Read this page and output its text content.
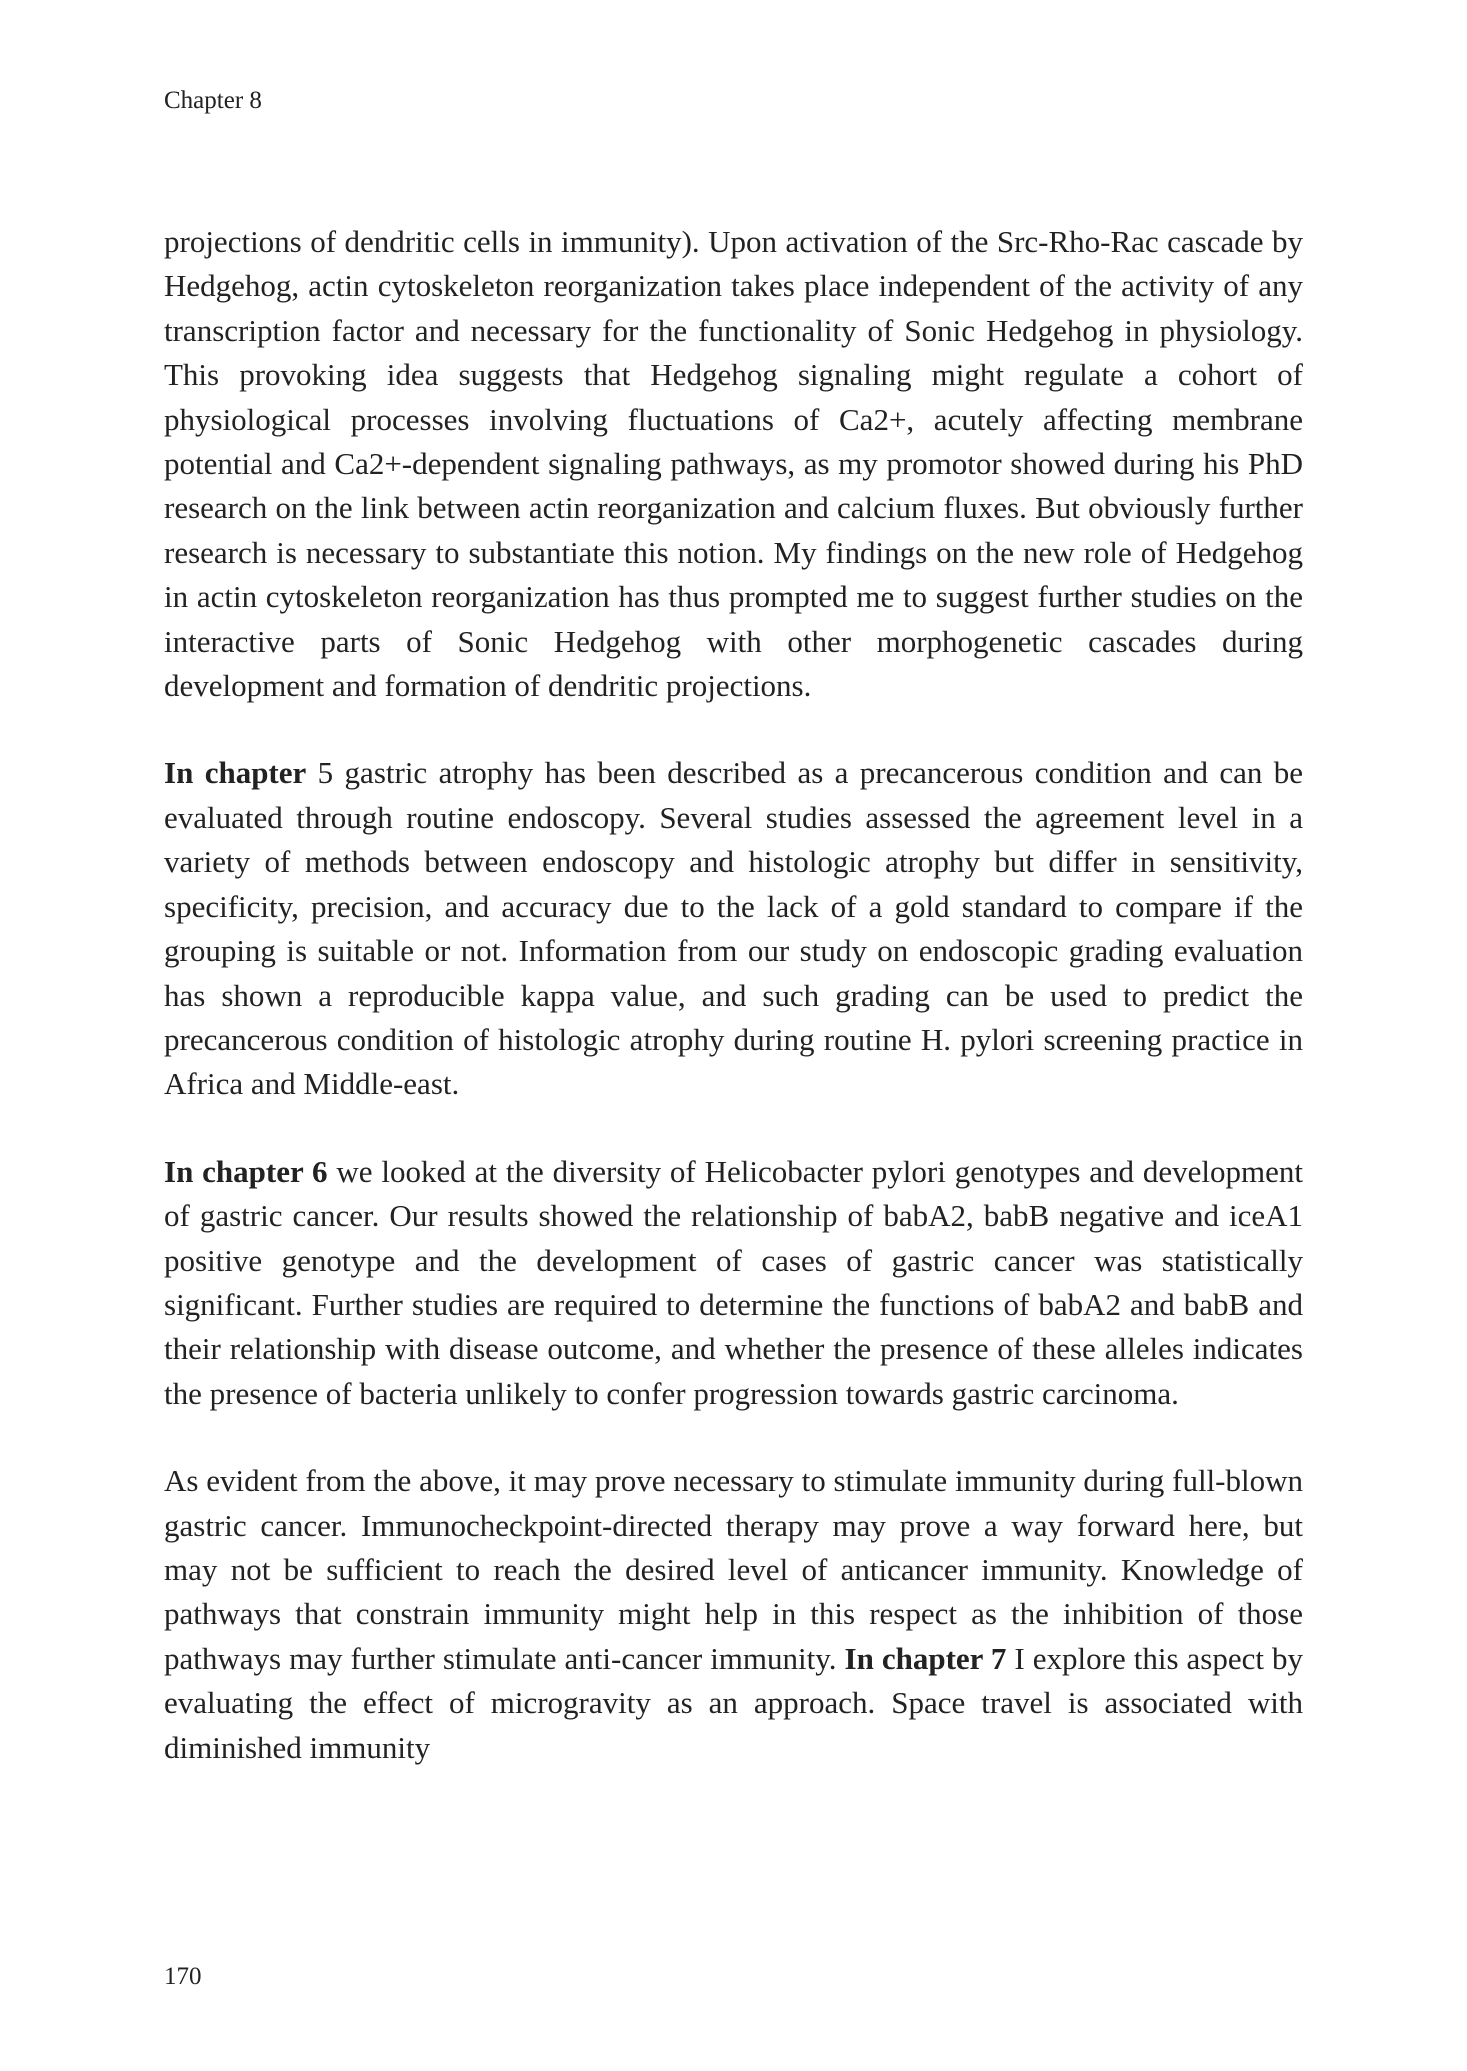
Chapter 8

projections of dendritic cells in immunity). Upon activation of the Src-Rho-Rac cascade by Hedgehog, actin cytoskeleton reorganization takes place independent of the activity of any transcription factor and necessary for the functionality of Sonic Hedgehog in physiology. This provoking idea suggests that Hedgehog signaling might regulate a cohort of physiological processes involving fluctuations of Ca2+, acutely affecting membrane potential and Ca2+-dependent signaling pathways, as my promotor showed during his PhD research on the link between actin reorganization and calcium fluxes. But obviously further research is necessary to substantiate this notion. My findings on the new role of Hedgehog in actin cytoskeleton reorganization has thus prompted me to suggest further studies on the interactive parts of Sonic Hedgehog with other morphogenetic cascades during development and formation of dendritic projections.

In chapter 5 gastric atrophy has been described as a precancerous condition and can be evaluated through routine endoscopy. Several studies assessed the agreement level in a variety of methods between endoscopy and histologic atrophy but differ in sensitivity, specificity, precision, and accuracy due to the lack of a gold standard to compare if the grouping is suitable or not. Information from our study on endoscopic grading evaluation has shown a reproducible kappa value, and such grading can be used to predict the precancerous condition of histologic atrophy during routine H. pylori screening practice in Africa and Middle-east.

In chapter 6 we looked at the diversity of Helicobacter pylori genotypes and development of gastric cancer. Our results showed the relationship of babA2, babB negative and iceA1 positive genotype and the development of cases of gastric cancer was statistically significant. Further studies are required to determine the functions of babA2 and babB and their relationship with disease outcome, and whether the presence of these alleles indicates the presence of bacteria unlikely to confer progression towards gastric carcinoma.

As evident from the above, it may prove necessary to stimulate immunity during full-blown gastric cancer. Immunocheckpoint-directed therapy may prove a way forward here, but may not be sufficient to reach the desired level of anticancer immunity. Knowledge of pathways that constrain immunity might help in this respect as the inhibition of those pathways may further stimulate anti-cancer immunity. In chapter 7 I explore this aspect by evaluating the effect of microgravity as an approach. Space travel is associated with diminished immunity

170
